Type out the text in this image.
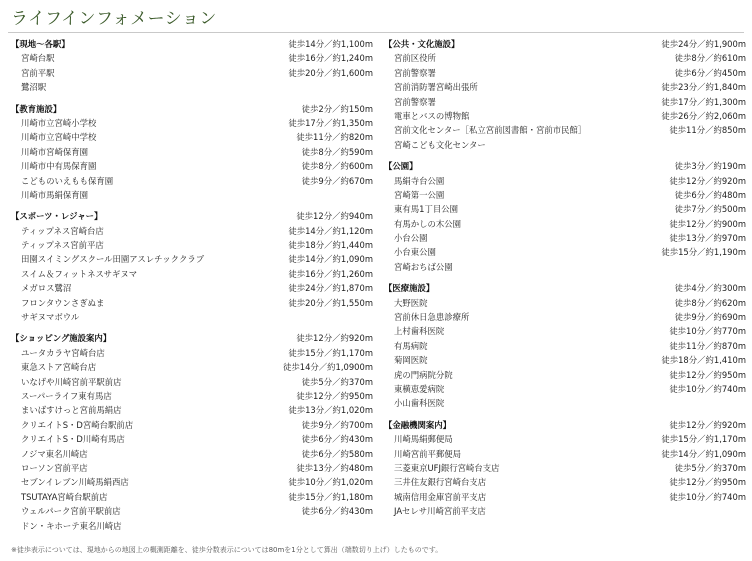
ライフインフォメーション
【現地～各駅】	徒歩14分／約1,100m
宮崎台駅	徒歩16分／約1,240m
宮前平駅	徒歩20分／約1,600m
鷺沼駅
【教育施設】	徒歩2分／約150m
川崎市立宮崎小学校	徒歩17分／約1,350m
川崎市立宮崎中学校	徒歩11分／約820m
川崎市宮崎保育園	徒歩8分／約590m
川崎市中有馬保育園	徒歩8分／約600m
こどものいえもも保育園	徒歩9分／約670m
川崎市馬絹保育園
【スポーツ・レジャー】	徒歩12分／約940m
ティップネス宮崎台店	徒歩14分／約1,120m
ティップネス宮前平店	徒歩18分／約1,440m
田園スイミングスクール田園アスレチッククラブ	徒歩14分／約1,090m
スイム＆フィットネスサギヌマ	徒歩16分／約1,260m
メガロス鷺沼	徒歩24分／約1,870m
フロンタウンさぎぬま	徒歩20分／約1,550m
サギヌマボウル
【ショッピング施設案内】	徒歩12分／約920m
ユータカラヤ宮崎台店	徒歩15分／約1,170m
東急ストア宮崎台店	徒歩14分／約1,0900m
いなげや川崎宮前平駅前店	徒歩5分／約370m
スーパーライフ東有馬店	徒歩12分／約950m
まいばすけっと宮前馬絹店	徒歩13分／約1,020m
クリエイトS・D宮崎台駅前店	徒歩9分／約700m
クリエイトS・D川崎有馬店	徒歩6分／約430m
ノジマ東名川崎店	徒歩6分／約580m
ローソン宮前平店	徒歩13分／約480m
セブンイレブン川崎馬絹西店	徒歩10分／約1,020m
TSUTAYA宮崎台駅前店	徒歩15分／約1,180m
ウェルパーク宮前平駅前店	徒歩6分／約430m
ドン・キホーテ東名川崎店
【公共・文化施設】	徒歩24分／約1,900m
宮前区役所	徒歩8分／約610m
宮前警察署	徒歩6分／約450m
宮前消防署宮崎出張所	徒歩23分／約1,840m
宮前警察署	徒歩17分／約1,300m
電車とバスの博物館	徒歩26分／約2,060m
宮前文化センター［私立宮前図書館・宮前市民館］	徒歩11分／約850m
宮崎こども文化センター
【公園】	徒歩3分／約190m
馬絹寺台公園	徒歩12分／約920m
宮崎第一公園	徒歩6分／約480m
東有馬1丁目公園	徒歩7分／約500m
有馬かしの木公園	徒歩12分／約900m
小台公園	徒歩13分／約970m
小台東公園	徒歩15分／約1,190m
宮崎おちば公園
【医療施設】	徒歩4分／約300m
大野医院	徒歩8分／約620m
宮前休日急患診療所	徒歩9分／約690m
上村歯科医院	徒歩10分／約770m
有馬病院	徒歩11分／約870m
菊岡医院	徒歩18分／約1,410m
虎の門病院分院	徒歩12分／約950m
東横恵愛病院	徒歩10分／約740m
小山歯科医院
【金融機関案内】	徒歩12分／約920m
川崎馬絹郵便局	徒歩15分／約1,170m
川崎宮前平郵便局	徒歩14分／約1,090m
三菱東京UFJ銀行宮崎台支店	徒歩5分／約370m
三井住友銀行宮崎台支店	徒歩12分／約950m
城南信用金庫宮前平支店	徒歩10分／約740m
JAセレサ川崎宮前平支店
※徒歩表示については、現地からの地図上の概測距離を、徒歩分数表示については80mを1分として算出（端数切り上げ）したものです。
